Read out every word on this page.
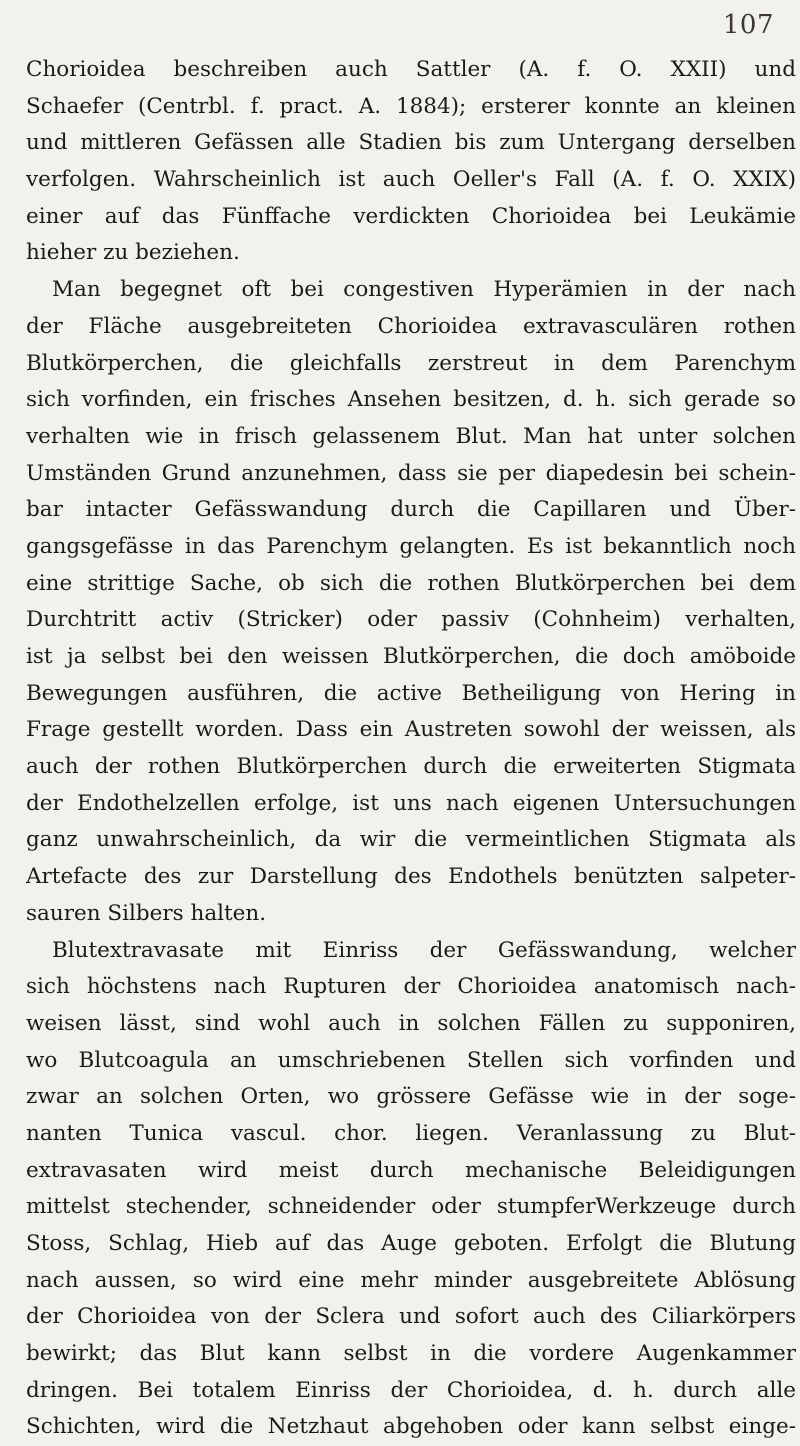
107
Chorioidea beschreiben auch Sattler (A. f. O. XXII) und
Schaefer (Centrbl. f. pract. A. 1884); ersterer konnte an kleinen
und mittleren Gefässen alle Stadien bis zum Untergang derselben
verfolgen. Wahrscheinlich ist auch Oeller's Fall (A. f. O. XXIX)
einer auf das Fünffache verdickten Chorioidea bei Leukämie
hieher zu beziehen.
Man begegnet oft bei congestiven Hyperämien in der nach
der Fläche ausgebreiteten Chorioidea extravasculären rothen
Blutkörperchen, die gleichfalls zerstreut in dem Parenchym
sich vorfinden, ein frisches Ansehen besitzen, d. h. sich gerade so
verhalten wie in frisch gelassenem Blut. Man hat unter solchen
Umständen Grund anzunehmen, dass sie per diapedesin bei schein-
bar intacter Gefässwandung durch die Capillaren und Über-
gangsgefässe in das Parenchym gelangten. Es ist bekanntlich noch
eine strittige Sache, ob sich die rothen Blutkörperchen bei dem
Durchtritt activ (Stricker) oder passiv (Cohnheim) verhalten,
ist ja selbst bei den weissen Blutkörperchen, die doch amöboide
Bewegungen ausführen, die active Betheiligung von Hering in
Frage gestellt worden. Dass ein Austreten sowohl der weissen, als
auch der rothen Blutkörperchen durch die erweiterten Stigmata
der Endothelzellen erfolge, ist uns nach eigenen Untersuchungen
ganz unwahrscheinlich, da wir die vermeintlichen Stigmata als
Artefacte des zur Darstellung des Endothels benützten salpeter-
sauren Silbers halten.
Blutextravasate mit Einriss der Gefässwandung, welcher
sich höchstens nach Rupturen der Chorioidea anatomisch nach-
weisen lässt, sind wohl auch in solchen Fällen zu supponiren,
wo Blutcoagula an umschriebenen Stellen sich vorfinden und
zwar an solchen Orten, wo grössere Gefässe wie in der soge-
nanten Tunica vascul. chor. liegen. Veranlassung zu Blut-
extravasaten wird meist durch mechanische Beleidigungen
mittelst stechender, schneidender oder stumpferWerkzeuge durch
Stoss, Schlag, Hieb auf das Auge geboten. Erfolgt die Blutung
nach aussen, so wird eine mehr minder ausgebreitete Ablösung
der Chorioidea von der Sclera und sofort auch des Ciliarkörpers
bewirkt; das Blut kann selbst in die vordere Augenkammer
dringen. Bei totalem Einriss der Chorioidea, d. h. durch alle
Schichten, wird die Netzhaut abgehoben oder kann selbst einge-
